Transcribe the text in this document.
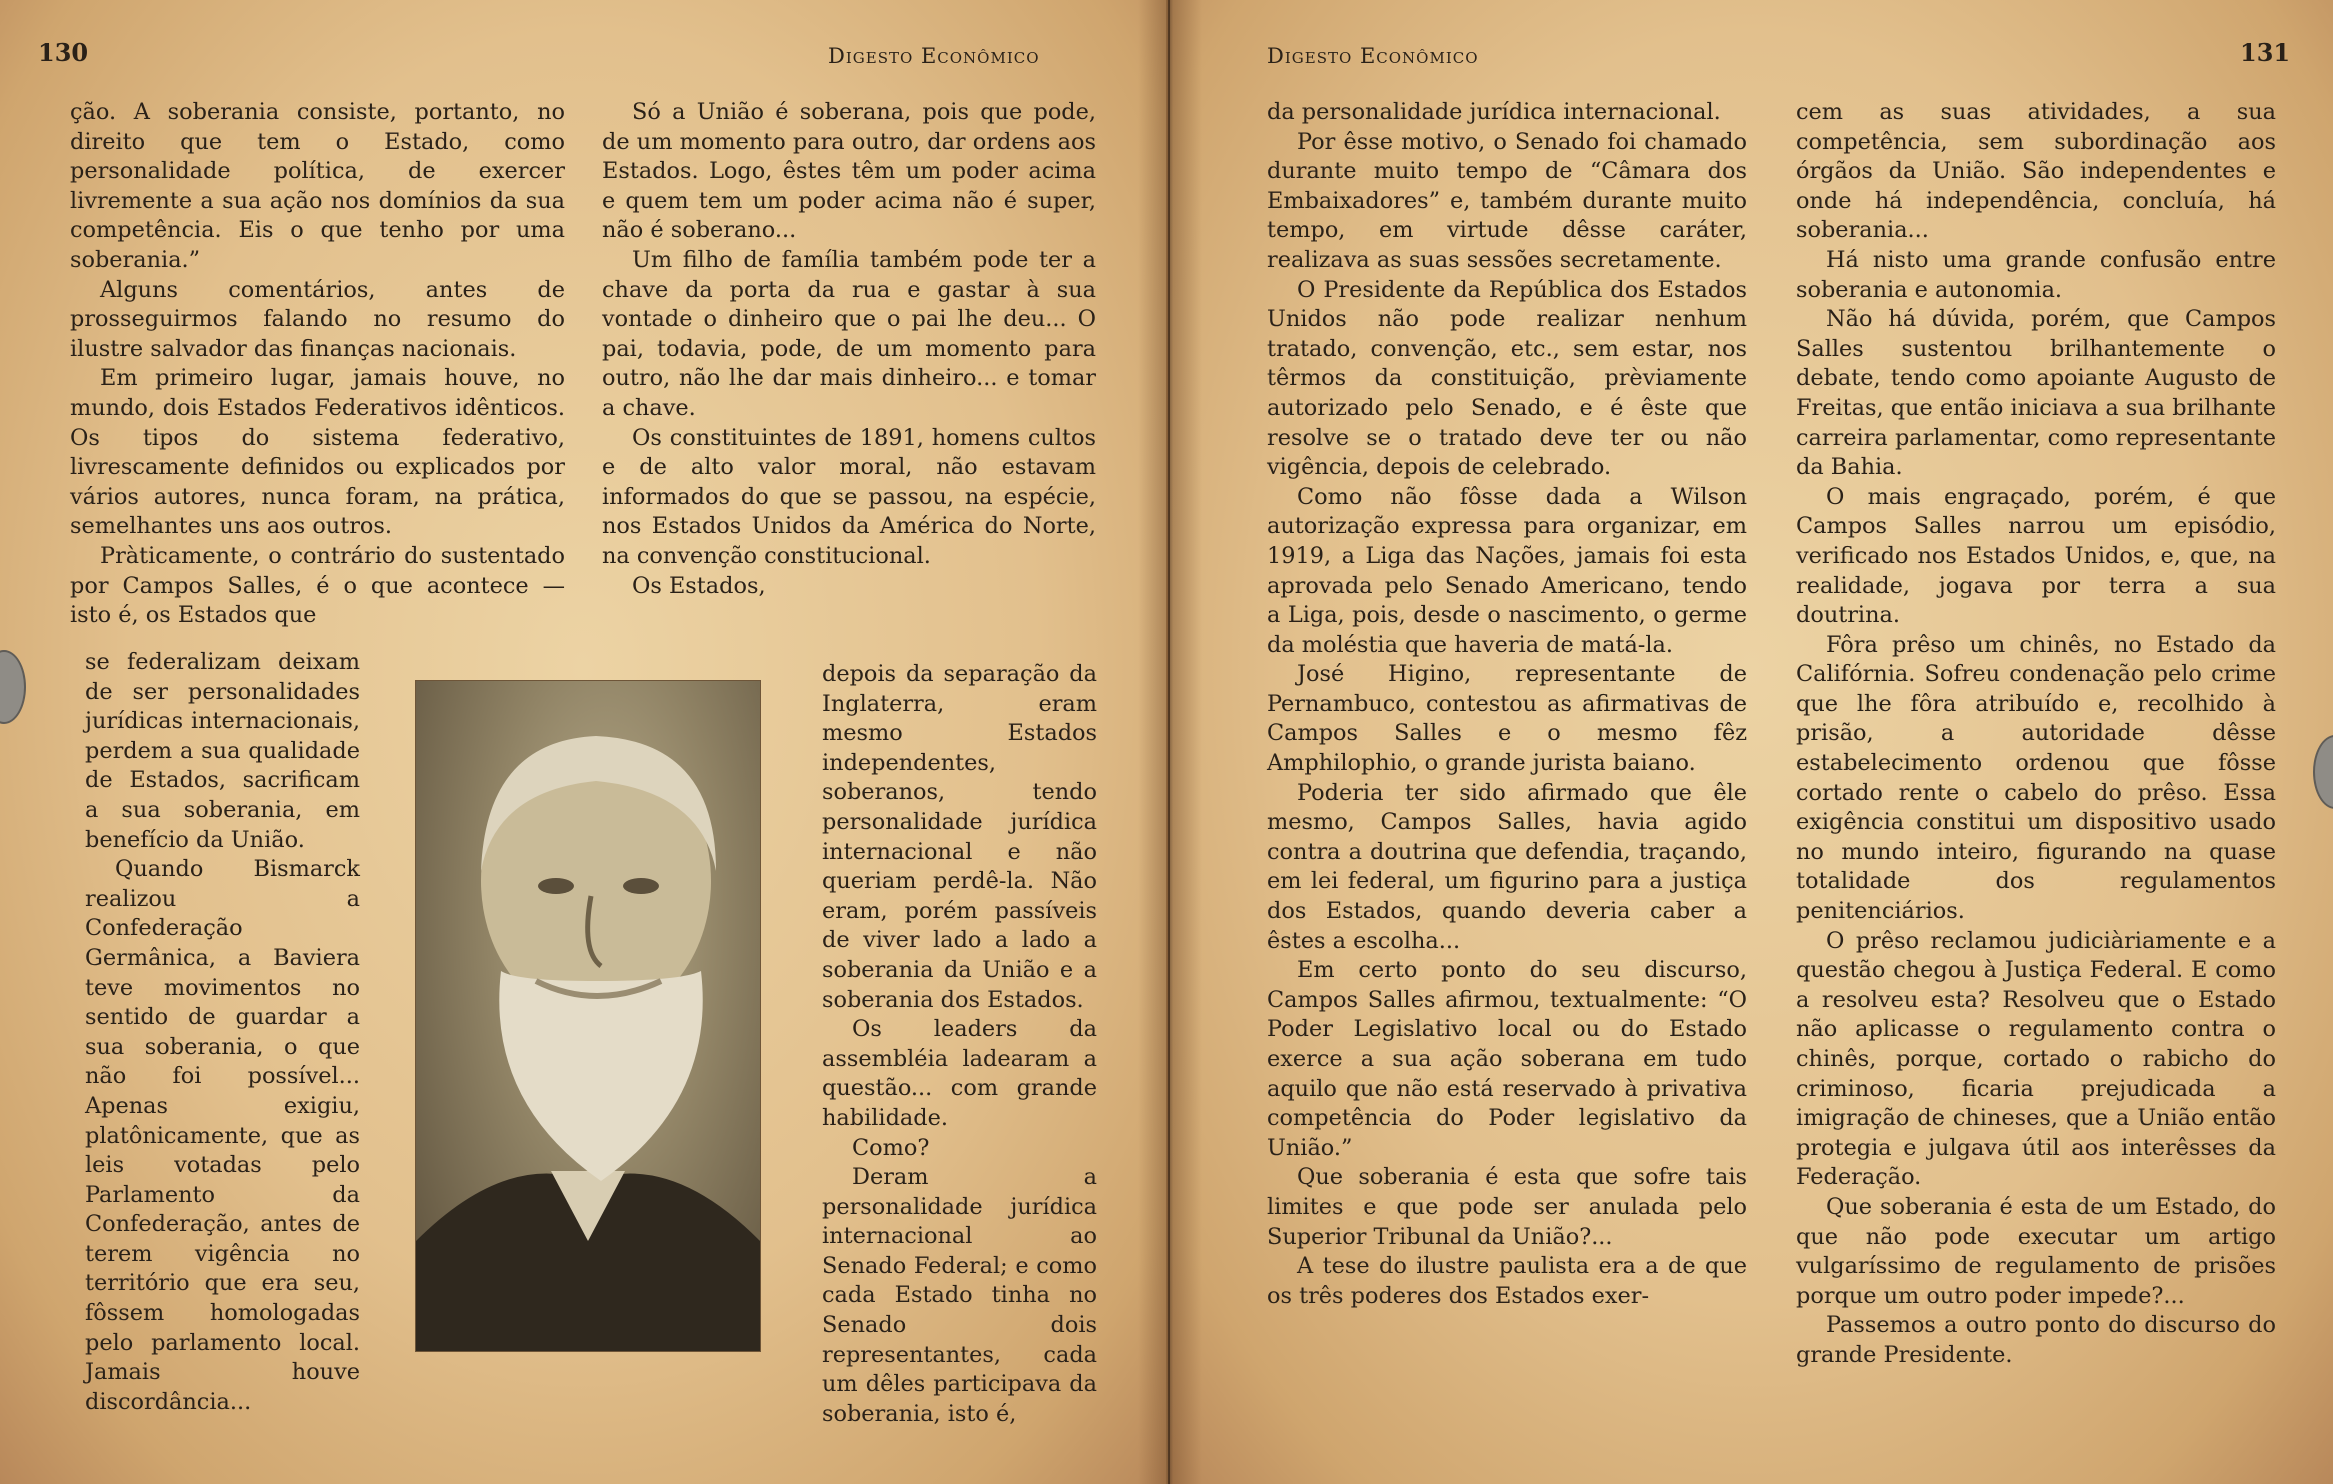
130	Digesto Econômico

ção. A soberania consiste, portanto, no direito que tem o Estado, como personalidade política, de exercer livremente a sua ação nos domínios da sua competência. Eis o que tenho por uma soberania.”

Alguns comentários, antes de prosseguirmos falando no resumo do ilustre salvador das finanças nacionais.

Em primeiro lugar, jamais houve, no mundo, dois Estados Federativos idênticos. Os tipos do sistema federativo, livrescamente definidos ou explicados por vários autores, nunca foram, na prática, semelhantes uns aos outros.

Pràticamente, o contrário do sustentado por Campos Salles, é o que acontece — isto é, os Estados que

se federalizam deixam de ser personalidades jurídicas internacionais, perdem a sua qualidade de Estados, sacrificam a sua soberania, em benefício da União.

Quando Bismarck realizou a Confederação Germânica, a Baviera teve movimentos no sentido de guardar a sua soberania, o que não foi possível... Apenas exigiu, platônicamente, que as leis votadas pelo Parlamento da Confederação, antes de terem vigência no território que era seu, fôssem homologadas pelo parlamento local. Jamais houve discordância...

Só a União é soberana, pois que pode, de um momento para outro, dar ordens aos Estados. Logo, êstes têm um poder acima e quem tem um poder acima não é super, não é soberano...

Um filho de família também pode ter a chave da porta da rua e gastar à sua vontade o dinheiro que o pai lhe deu... O pai, todavia, pode, de um momento para outro, não lhe dar mais dinheiro... e tomar a chave.

Os constituintes de 1891, homens cultos e de alto valor moral, não estavam informados do que se passou, na espécie, nos Estados Unidos da América do Norte, na convenção constitucional.

Os Estados,

depois da separação da Inglaterra, eram mesmo Estados independentes, soberanos, tendo personalidade jurídica internacional e não queriam perdê-la. Não eram, porém passíveis de viver lado a lado a soberania da União e a soberania dos Estados.

Os leaders da assembléia ladearam a questão... com grande habilidade.

Como?

Deram a personalidade jurídica internacional ao Senado Federal; e como cada Estado tinha no Senado dois representantes, cada um dêles participava da soberania, isto é,

Digesto Econômico	131

da personalidade jurídica internacional.

Por êsse motivo, o Senado foi chamado durante muito tempo de “Câmara dos Embaixadores” e, também durante muito tempo, em virtude dêsse caráter, realizava as suas sessões secretamente.

O Presidente da República dos Estados Unidos não pode realizar nenhum tratado, convenção, etc., sem estar, nos têrmos da constituição, prèviamente autorizado pelo Senado, e é êste que resolve se o tratado deve ter ou não vigência, depois de celebrado.

Como não fôsse dada a Wilson autorização expressa para organizar, em 1919, a Liga das Nações, jamais foi esta aprovada pelo Senado Americano, tendo a Liga, pois, desde o nascimento, o germe da moléstia que haveria de matá-la.

José Higino, representante de Pernambuco, contestou as afirmativas de Campos Salles e o mesmo fêz Amphilophio, o grande jurista baiano.

Poderia ter sido afirmado que êle mesmo, Campos Salles, havia agido contra a doutrina que defendia, traçando, em lei federal, um figurino para a justiça dos Estados, quando deveria caber a êstes a escolha...

Em certo ponto do seu discurso, Campos Salles afirmou, textualmente: “O Poder Legislativo local ou do Estado exerce a sua ação soberana em tudo aquilo que não está reservado à privativa competência do Poder legislativo da União.”

Que soberania é esta que sofre tais limites e que pode ser anulada pelo Superior Tribunal da União?...

A tese do ilustre paulista era a de que os três poderes dos Estados exer-

cem as suas atividades, a sua competência, sem subordinação aos órgãos da União. São independentes e onde há independência, concluía, há soberania...

Há nisto uma grande confusão entre soberania e autonomia.

Não há dúvida, porém, que Campos Salles sustentou brilhantemente o debate, tendo como apoiante Augusto de Freitas, que então iniciava a sua brilhante carreira parlamentar, como representante da Bahia.

O mais engraçado, porém, é que Campos Salles narrou um episódio, verificado nos Estados Unidos, e, que, na realidade, jogava por terra a sua doutrina.

Fôra prêso um chinês, no Estado da Califórnia. Sofreu condenação pelo crime que lhe fôra atribuído e, recolhido à prisão, a autoridade dêsse estabelecimento ordenou que fôsse cortado rente o cabelo do prêso. Essa exigência constitui um dispositivo usado no mundo inteiro, figurando na quase totalidade dos regulamentos penitenciários.

O prêso reclamou judiciàriamente e a questão chegou à Justiça Federal. E como a resolveu esta? Resolveu que o Estado não aplicasse o regulamento contra o chinês, porque, cortado o rabicho do criminoso, ficaria prejudicada a imigração de chineses, que a União então protegia e julgava útil aos interêsses da Federação.

Que soberania é esta de um Estado, do que não pode executar um artigo vulgaríssimo de regulamento de prisões porque um outro poder impede?...

Passemos a outro ponto do discurso do grande Presidente.
